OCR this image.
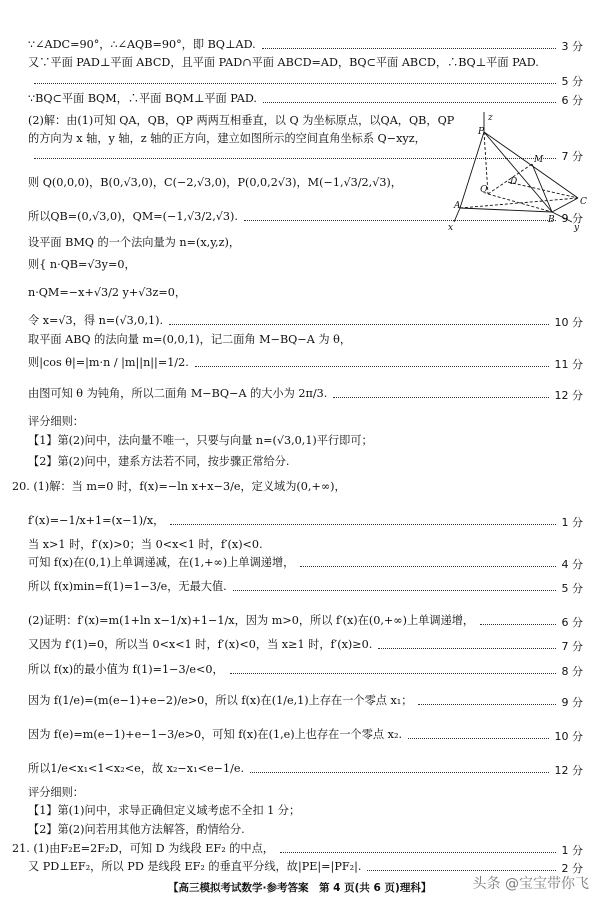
∵∠ADC=90°，∴∠AQB=90°，即 BQ⊥AD.	3 分
又∵平面 PAD⊥平面 ABCD，且平面 PAD∩平面 ABCD=AD，BQ⊂平面 ABCD，∴BQ⊥平面 PAD.
5 分
∵BQ⊂平面 BQM，∴平面 BQM⊥平面 PAD.	6 分
(2)解：由(1)可知 QA，QB，QP 两两互相垂直，以 Q 为坐标原点，以QA，QB，QP
的方向为 x 轴，y 轴，z 轴的正方向，建立如图所示的空间直角坐标系 Q−xyz，
7 分
则 Q(0,0,0)，B(0,√3,0)，C(−2,√3,0)，P(0,0,2√3)，M(−1,√3/2,√3)，
所以QB=(0,√3,0)，QM=(−1,√3/2,√3).	9 分
设平面 BMQ 的一个法向量为 n=(x,y,z)，
则{ n·QB=√3y=0，
n·QM=−x+√3/2 y+√3z=0，
令 x=√3，得 n=(√3,0,1).	10 分
取平面 ABQ 的法向量 m=(0,0,1)，记二面角 M−BQ−A 为 θ，
则|cos θ|=|m·n / |m||n||=1/2.	11 分
由图可知 θ 为钝角，所以二面角 M−BQ−A 的大小为 2π/3.	12 分
评分细则：
【1】第(2)问中，法向量不唯一，只要与向量 n=(√3,0,1)平行即可；
【2】第(2)问中，建系方法若不同，按步骤正常给分.
20. (1)解：当 m=0 时，f(x)=−ln x+x−3/e，定义域为(0,+∞)，
f′(x)=−1/x+1=(x−1)/x，	1 分
当 x>1 时，f′(x)>0；当 0<x<1 时，f′(x)<0.
可知 f(x)在(0,1)上单调递减，在(1,+∞)上单调递增，	4 分
所以 f(x)min=f(1)=1−3/e，无最大值.	5 分
(2)证明：f′(x)=m(1+ln x−1/x)+1−1/x，因为 m>0，所以 f′(x)在(0,+∞)上单调递增，	6 分
又因为 f′(1)=0，所以当 0<x<1 时，f′(x)<0，当 x≥1 时，f′(x)≥0.	7 分
所以 f(x)的最小值为 f(1)=1−3/e<0，	8 分
因为 f(1/e)=(m(e−1)+e−2)/e>0，所以 f(x)在(1/e,1)上存在一个零点 x₁；	9 分
因为 f(e)=m(e−1)+e−1−3/e>0，可知 f(x)在(1,e)上也存在一个零点 x₂.	10 分
所以1/e<x₁<1<x₂<e，故 x₂−x₁<e−1/e.	12 分
评分细则：
【1】第(1)问中，求导正确但定义域考虑不全扣 1 分；
【2】第(2)问若用其他方法解答，酌情给分.
21. (1)由F₂E=2F₂D，可知 D 为线段 EF₂ 的中点，	1 分
又 PD⊥EF₂，所以 PD 是线段 EF₂ 的垂直平分线，故|PE|=|PF₂|.	2 分
P
z
M
D
Q
A
B
C
x	y
【高三模拟考试数学·参考答案　第 4 页(共 6 页)理科】	头条 @宝宝带你飞
